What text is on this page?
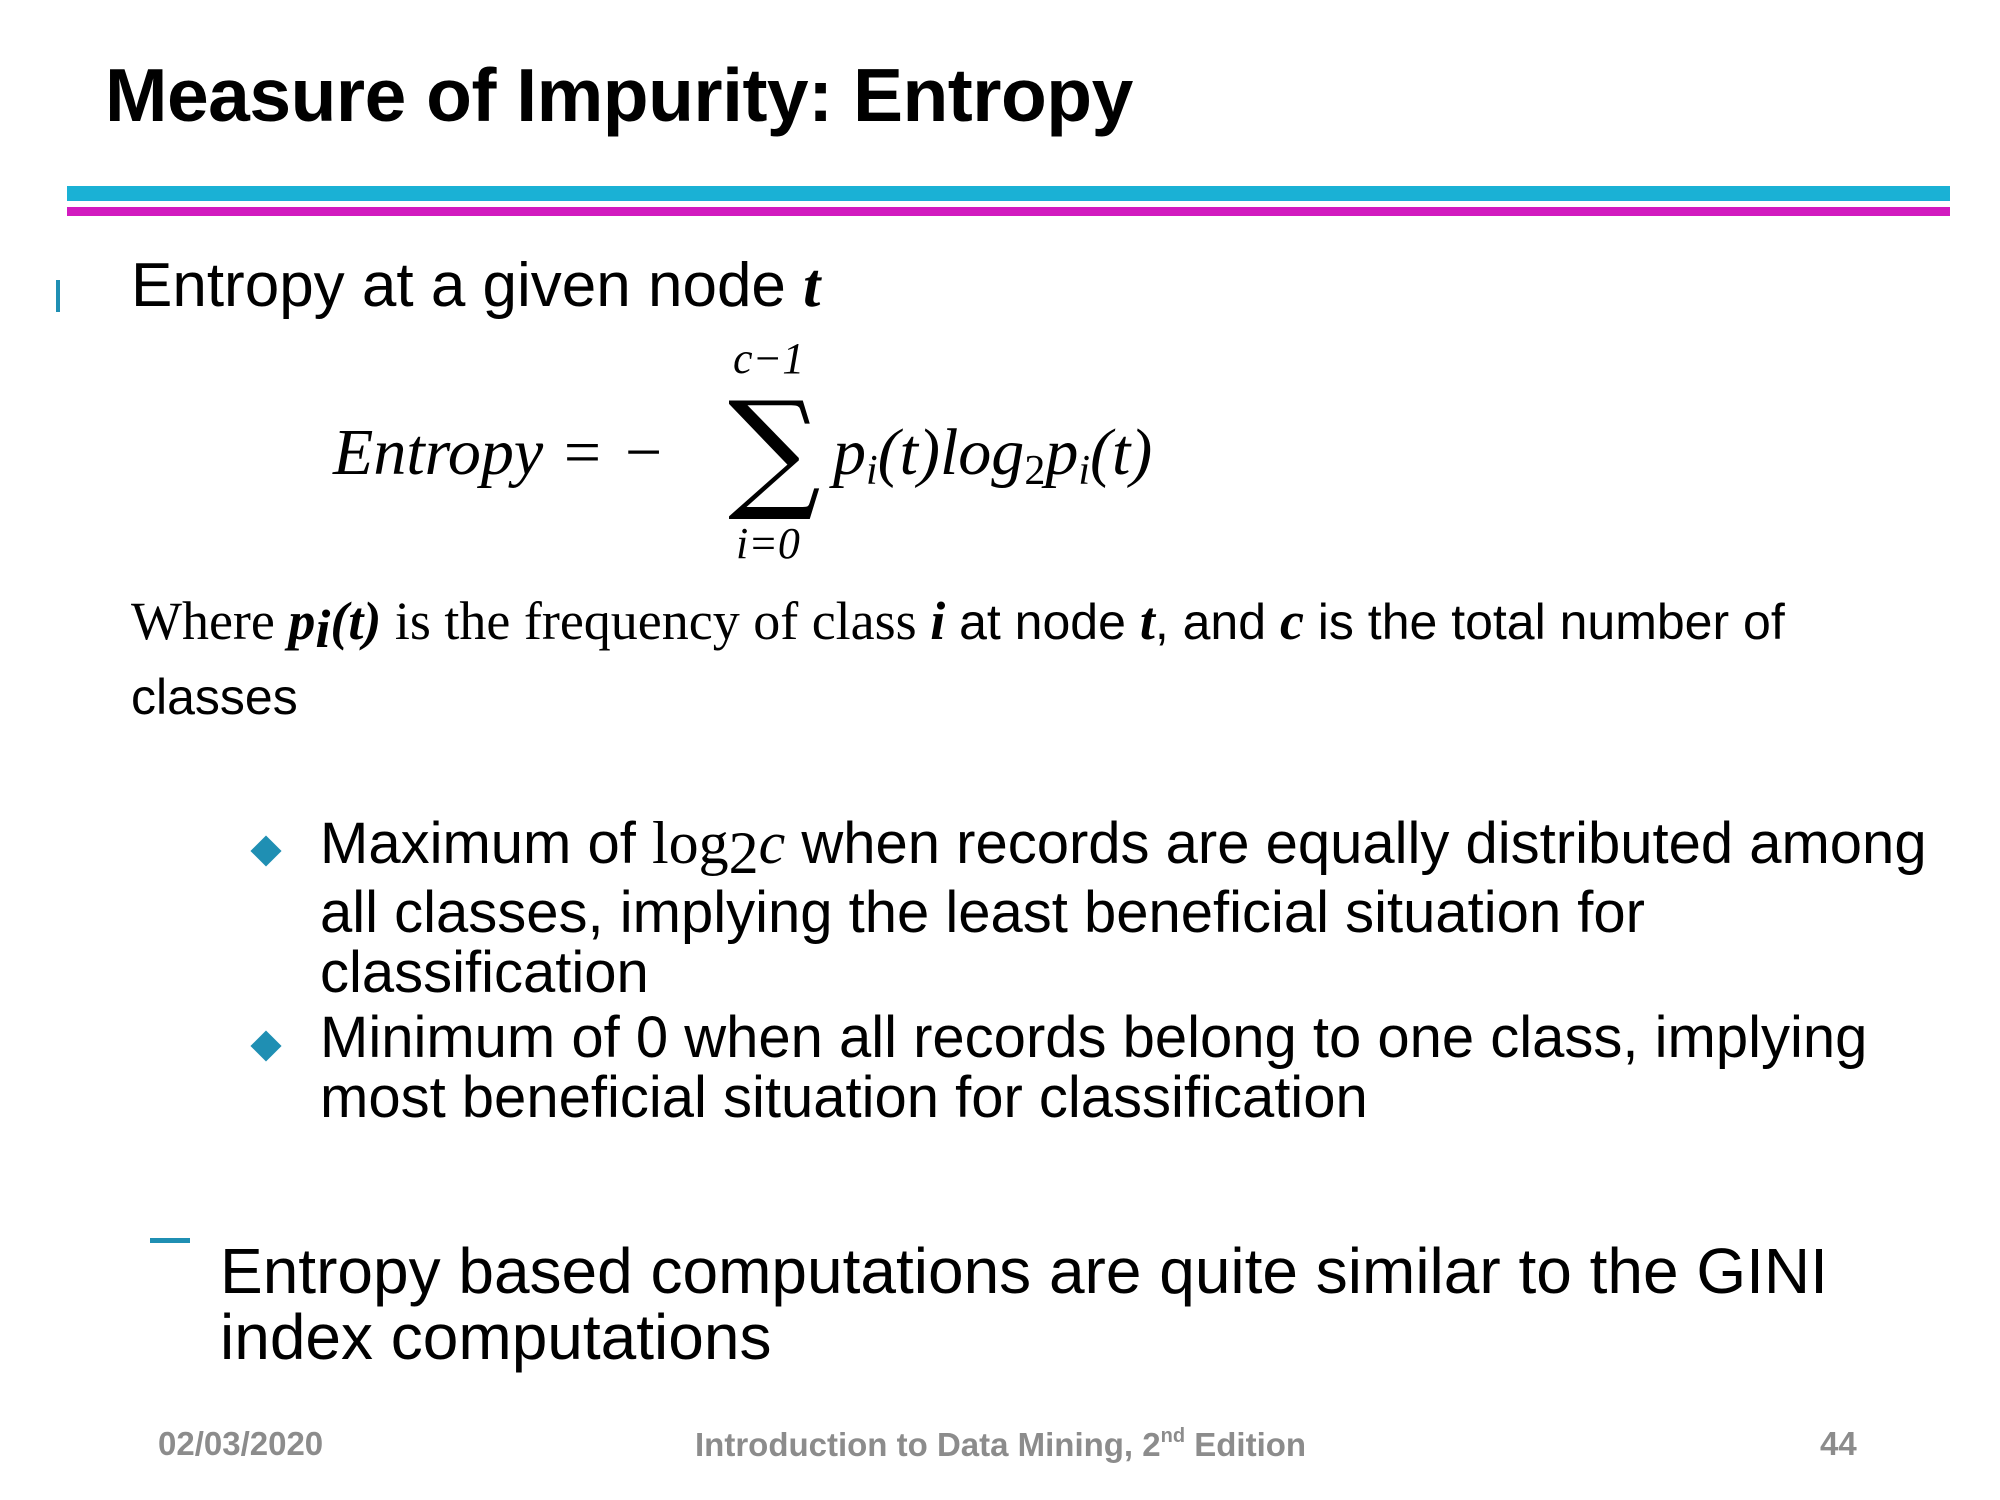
Measure of Impurity: Entropy
Entropy at a given node t
Entropy = −
c−1
∑
i=0
$p_i(t)\log_2p_i(t)$
Where $p_i(t)$ is the frequency of class i at node t, and c is the total number of classes
Maximum of $\log_2c$ when records are equally distributed among all classes, implying the least beneficial situation for classification
Minimum of 0 when all records belong to one class, implying most beneficial situation for classification
Entropy based computations are quite similar to the GINI index computations
02/03/2020	Introduction to Data Mining, 2nd Edition	44
